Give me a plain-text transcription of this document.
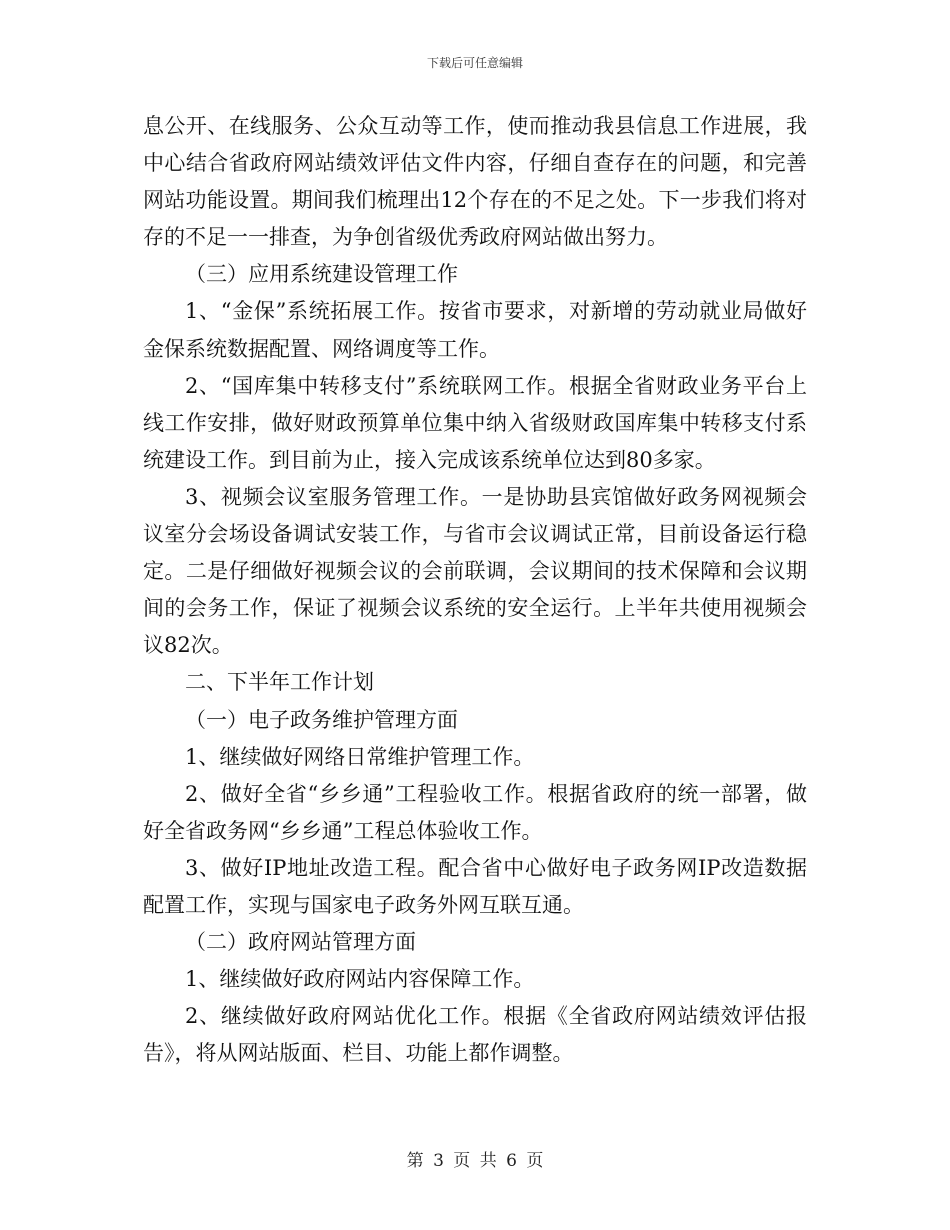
下载后可任意编辑

息公开、在线服务、公众互动等工作，使而推动我县信息工作进展，我中心结合省政府网站绩效评估文件内容，仔细自查存在的问题，和完善网站功能设置。期间我们梳理出12个存在的不足之处。下一步我们将对存的不足一一排查，为争创省级优秀政府网站做出努力。

（三）应用系统建设管理工作

1、“金保”系统拓展工作。按省市要求，对新增的劳动就业局做好金保系统数据配置、网络调度等工作。

2、“国库集中转移支付”系统联网工作。根据全省财政业务平台上线工作安排，做好财政预算单位集中纳入省级财政国库集中转移支付系统建设工作。到目前为止，接入完成该系统单位达到80多家。

3、视频会议室服务管理工作。一是协助县宾馆做好政务网视频会议室分会场设备调试安装工作，与省市会议调试正常，目前设备运行稳定。二是仔细做好视频会议的会前联调，会议期间的技术保障和会议期间的会务工作，保证了视频会议系统的安全运行。上半年共使用视频会议82次。

二、下半年工作计划

（一）电子政务维护管理方面

1、继续做好网络日常维护管理工作。

2、做好全省“乡乡通”工程验收工作。根据省政府的统一部署，做好全省政务网“乡乡通”工程总体验收工作。

3、做好IP地址改造工程。配合省中心做好电子政务网IP改造数据配置工作，实现与国家电子政务外网互联互通。

（二）政府网站管理方面

1、继续做好政府网站内容保障工作。

2、继续做好政府网站优化工作。根据《全省政府网站绩效评估报告》，将从网站版面、栏目、功能上都作调整。

第 3 页 共 6 页
